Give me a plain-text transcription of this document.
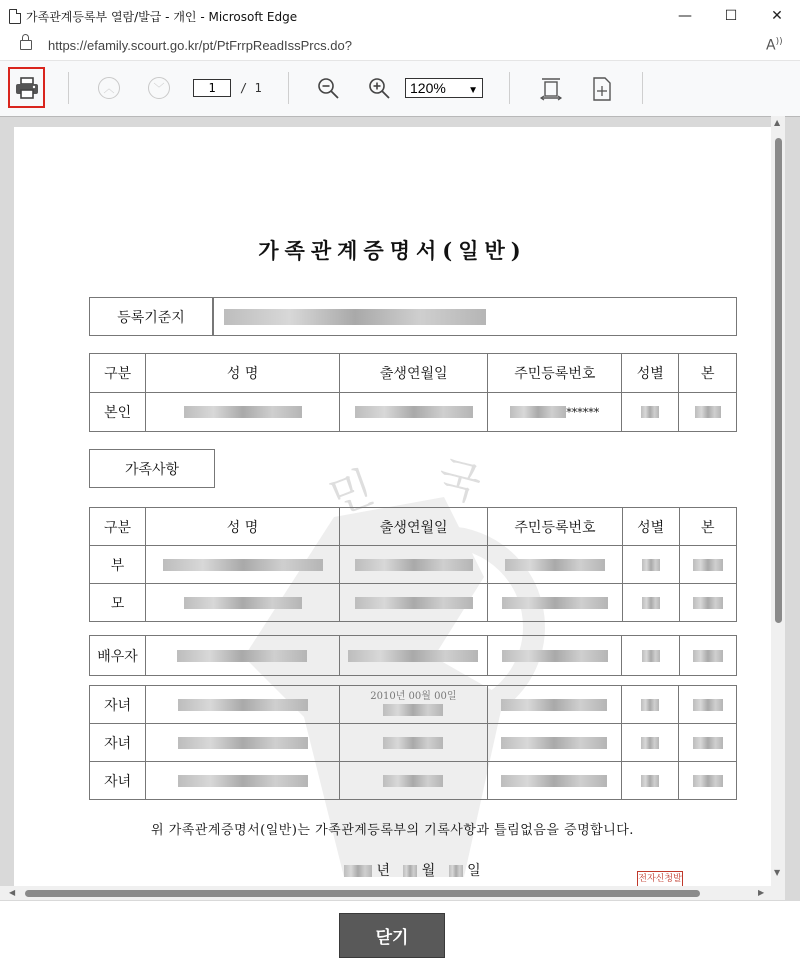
가족관계등록부 열람/발급 - 개인 - Microsoft Edge	—	☐	✕
https://efamily.scourt.go.kr/pt/PtFrrpReadIssPrcs.do?	A))
︿	﹀	1	/ 1	120% ▼
민 국
가족관계증명서(일반)
등록기준지
구분	성 명	출생연월일	주민등록번호	성별	본
본인			******		
가족사항
구분	성 명	출생연월일	주민등록번호	성별	본
부					
모					
배우자					
자녀		2010년 00월 00일			

자녀					
자녀					
위 가족관계증명서(일반)는 가족관계등록부의 기록사항과 틀림없음을 증명합니다.
년 월 일	전자신청발
▲
▼
◀	▶
닫기
